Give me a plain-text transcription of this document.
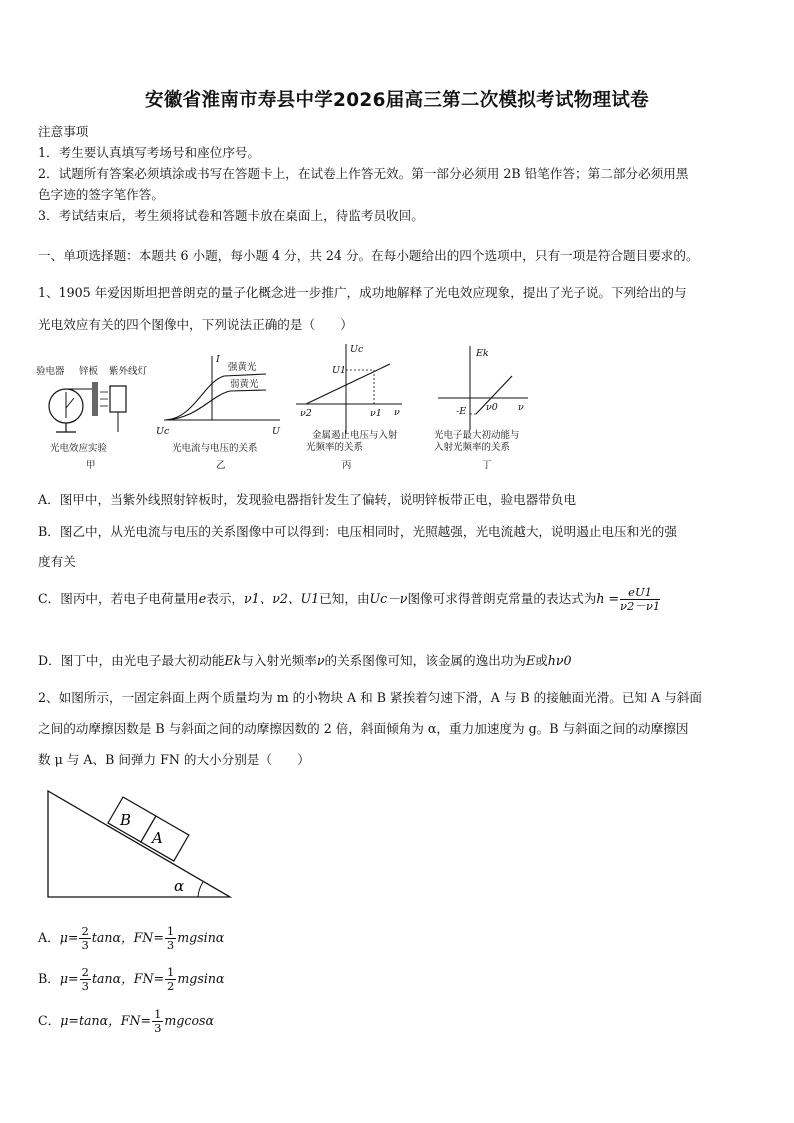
安徽省淮南市寿县中学2026届高三第二次模拟考试物理试卷
注意事项
1．考生要认真填写考场号和座位序号。
2．试题所有答案必须填涂或书写在答题卡上，在试卷上作答无效。第一部分必须用 2B 铅笔作答；第二部分必须用黑
色字迹的签字笔作答。
3．考试结束后，考生须将试卷和答题卡放在桌面上，待监考员收回。
一、单项选择题：本题共 6 小题，每小题 4 分，共 24 分。在每小题给出的四个选项中，只有一项是符合题目要求的。
1、1905 年爱因斯坦把普朗克的量子化概念进一步推广，成功地解释了光电效应现象，提出了光子说。下列给出的与
光电效应有关的四个图像中，下列说法正确的是（　　）
验电器 锌板 紫外线灯
光电效应实验
甲
I
U
Uc
强黄光
弱黄光
光电流与电压的关系
乙
Uc
ν
U1
ν1
ν2
金属遏止电压与入射
光频率的关系
丙
Ek
ν
-E ν0
光电子最大初动能与
入射光频率的关系
丁
A．图甲中，当紫外线照射锌板时，发现验电器指针发生了偏转，说明锌板带正电，验电器带负电
B．图乙中，从光电流与电压的关系图像中可以得到：电压相同时，光照越强，光电流越大，说明遏止电压和光的强
度有关
C．图丙中，若电子电荷量用e表示，ν1、ν2、U1已知，由Uc－ν图像可求得普朗克常量的表达式为$h = \frac{eU1}{\nu 2-\nu 1}$
D．图丁中，由光电子最大初动能Ek与入射光频率ν的关系图像可知，该金属的逸出功为E或hν0
2、如图所示，一固定斜面上两个质量均为 m 的小物块 A 和 B 紧挨着匀速下滑，A 与 B 的接触面光滑。已知 A 与斜面
之间的动摩擦因数是 B 与斜面之间的动摩擦因数的 2 倍，斜面倾角为 α，重力加速度为 g。B 与斜面之间的动摩擦因
数 μ 与 A、B 间弹力 FN 的大小分别是（　　）
B
A
α
A．$\mu= \frac{2}{3}$ tanα，$FN= \frac{1}{3}$ mgsinα
B．$\mu= \frac{2}{3}$ tanα，$FN= \frac{1}{2}$ mgsinα
C．μ=tanα，$FN= \frac{1}{3}$ mgcosα
